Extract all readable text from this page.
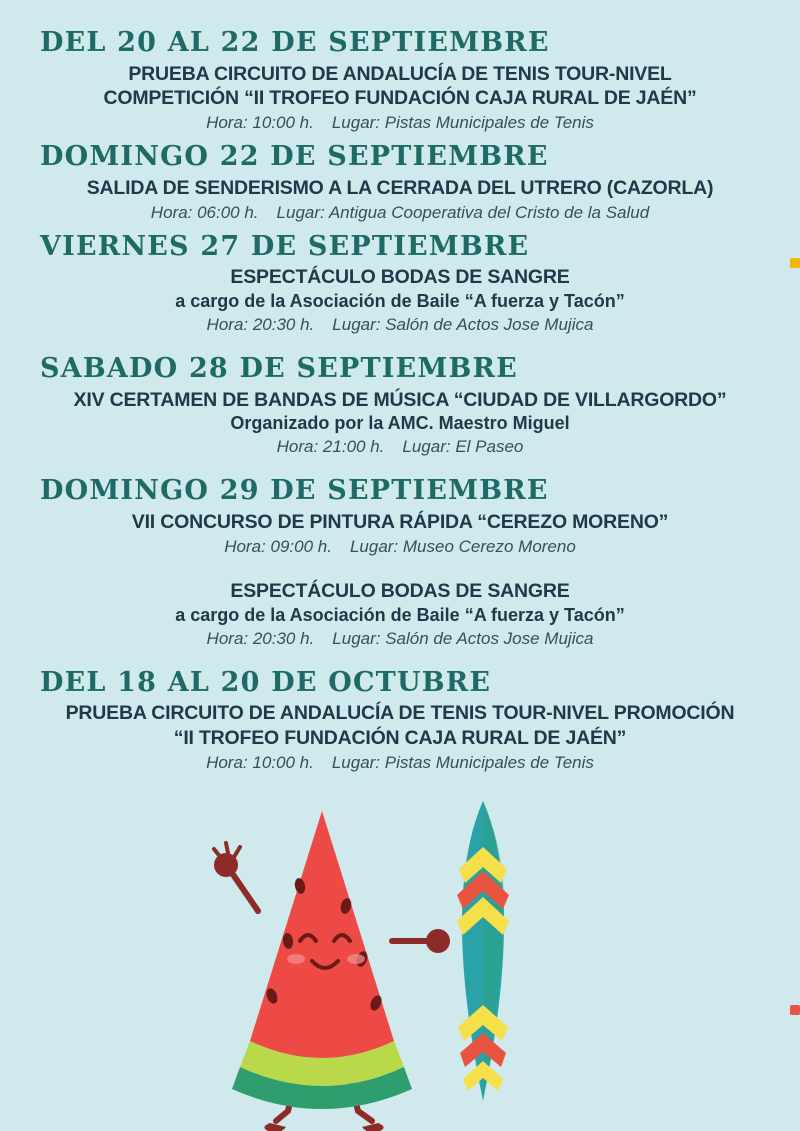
DEL 20 AL 22 DE SEPTIEMBRE
PRUEBA CIRCUITO DE ANDALUCÍA DE TENIS TOUR-NIVEL
COMPETICIÓN “II TROFEO FUNDACIÓN CAJA RURAL DE JAÉN”
Hora: 10:00 h. Lugar: Pistas Municipales de Tenis
DOMINGO 22 DE SEPTIEMBRE
SALIDA DE SENDERISMO A LA CERRADA DEL UTRERO (CAZORLA)
Hora: 06:00 h. Lugar: Antigua Cooperativa del Cristo de la Salud
VIERNES 27 DE SEPTIEMBRE
ESPECTÁCULO BODAS DE SANGRE
a cargo de la Asociación de Baile “A fuerza y Tacón”
Hora: 20:30 h. Lugar: Salón de Actos Jose Mujica
SABADO 28 DE SEPTIEMBRE
XIV CERTAMEN DE BANDAS DE MÚSICA “CIUDAD DE VILLARGORDO”
Organizado por la AMC. Maestro Miguel
Hora: 21:00 h. Lugar: El Paseo
DOMINGO 29 DE SEPTIEMBRE
VII CONCURSO DE PINTURA RÁPIDA “CEREZO MORENO”
Hora: 09:00 h. Lugar: Museo Cerezo Moreno
ESPECTÁCULO BODAS DE SANGRE
a cargo de la Asociación de Baile “A fuerza y Tacón”
Hora: 20:30 h. Lugar: Salón de Actos Jose Mujica
DEL 18 AL 20 DE OCTUBRE
PRUEBA CIRCUITO DE ANDALUCÍA DE TENIS TOUR-NIVEL PROMOCIÓN
“II TROFEO FUNDACIÓN CAJA RURAL DE JAÉN”
Hora: 10:00 h. Lugar: Pistas Municipales de Tenis
